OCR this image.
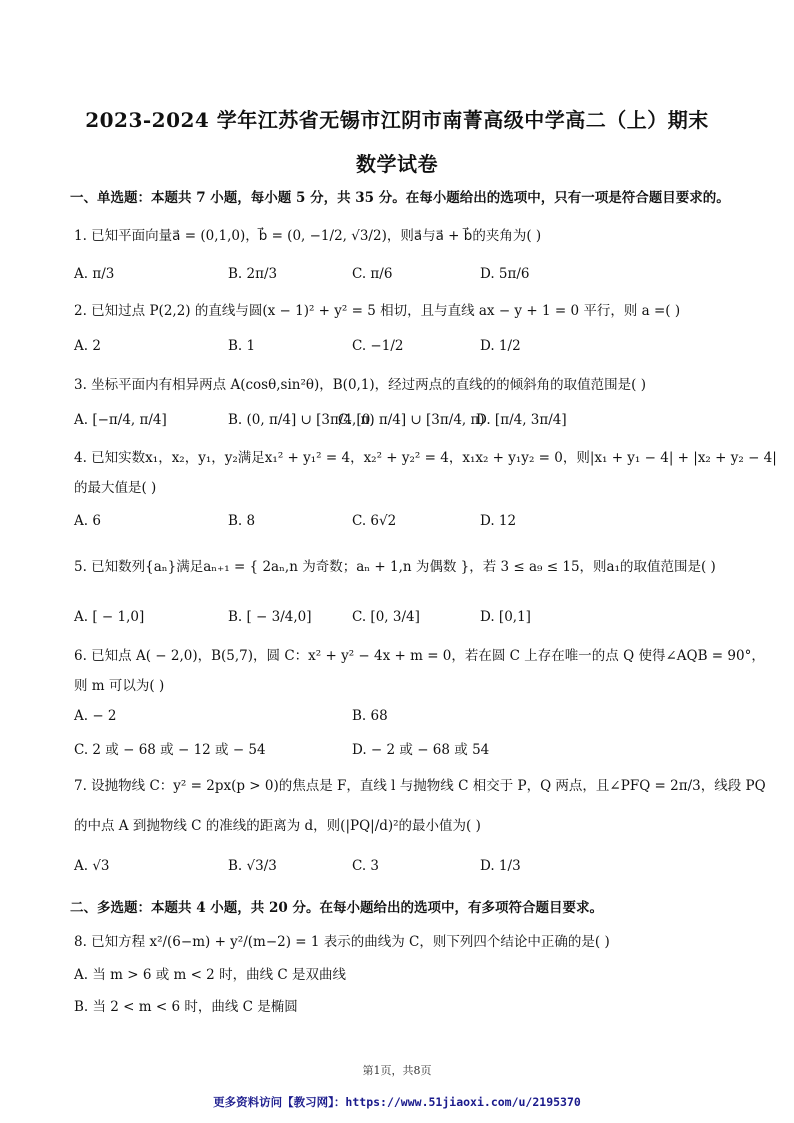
2023-2024 学年江苏省无锡市江阴市南菁高级中学高二（上）期末
数学试卷
一、单选题：本题共 7 小题，每小题 5 分，共 35 分。在每小题给出的选项中，只有一项是符合题目要求的。
1. 已知平面向量a⃗ = (0,1,0)，b⃗ = (0, −1/2, √3/2)，则a⃗与a⃗ + b⃗的夹角为( )
A. π/3	B. 2π/3	C. π/6	D. 5π/6
2. 已知过点 P(2,2) 的直线与圆(x − 1)² + y² = 5 相切，且与直线 ax − y + 1 = 0 平行，则 a =( )
A. 2	B. 1	C. −1/2	D. 1/2
3. 坐标平面内有相异两点 A(cosθ,sin²θ)，B(0,1)，经过两点的直线的的倾斜角的取值范围是( )
A. [−π/4, π/4]	B. (0, π/4] ∪ [3π/4, π)
C. [0, π/4] ∪ [3π/4, π)
D. [π/4, 3π/4]
4. 已知实数x₁，x₂，y₁，y₂满足x₁² + y₁² = 4，x₂² + y₂² = 4，x₁x₂ + y₁y₂ = 0，则|x₁ + y₁ − 4| + |x₂ + y₂ − 4|
的最大值是( )
A. 6	B. 8	C. 6√2	D. 12
5. 已知数列{aₙ}满足aₙ₊₁ = { 2aₙ,n 为奇数；aₙ + 1,n 为偶数 }，若 3 ≤ a₉ ≤ 15，则a₁的取值范围是( )
A. [ − 1,0]	B. [ − 3/4,0]	C. [0, 3/4]	D. [0,1]
6. 已知点 A( − 2,0)，B(5,7)，圆 C：x² + y² − 4x + m = 0，若在圆 C 上存在唯一的点 Q 使得∠AQB = 90°，
则 m 可以为( )
A. − 2	B. 68
C. 2 或 − 68 或 − 12 或 − 54	D. − 2 或 − 68 或 54
7. 设抛物线 C：y² = 2px(p > 0)的焦点是 F，直线 l 与抛物线 C 相交于 P，Q 两点，且∠PFQ = 2π/3，线段 PQ
的中点 A 到抛物线 C 的准线的距离为 d，则(|PQ|/d)²的最小值为( )
A. √3	B. √3/3	C. 3	D. 1/3
二、多选题：本题共 4 小题，共 20 分。在每小题给出的选项中，有多项符合题目要求。
8. 已知方程 x²/(6−m) + y²/(m−2) = 1 表示的曲线为 C，则下列四个结论中正确的是( )
A. 当 m > 6 或 m < 2 时，曲线 C 是双曲线
B. 当 2 < m < 6 时，曲线 C 是椭圆
第1页，共8页
更多资料访问【教习网】：https://www.51jiaoxi.com/u/2195370
